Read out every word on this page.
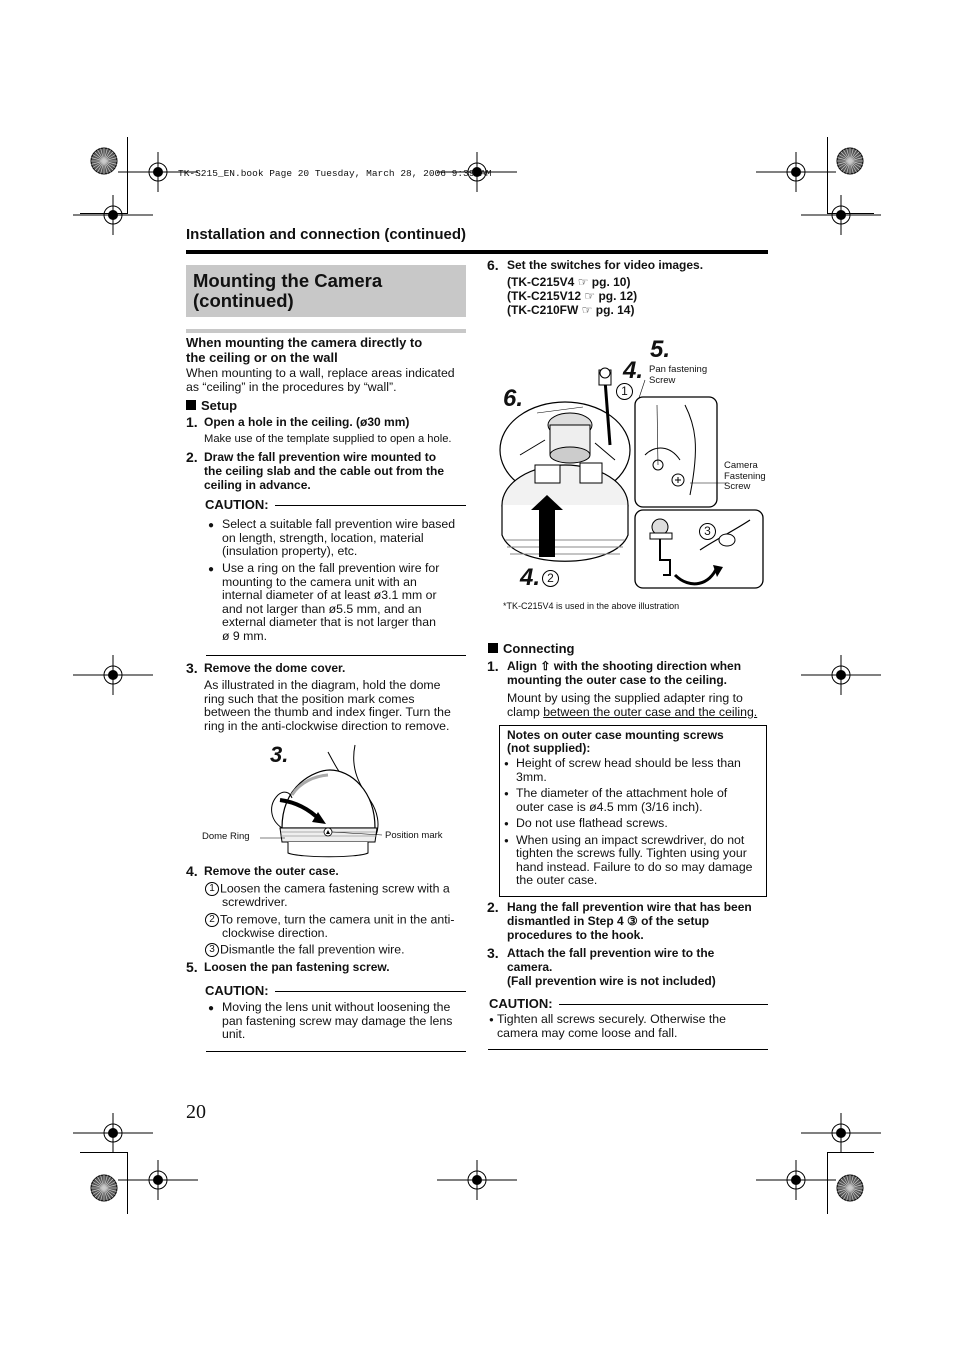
TK-S215_EN.book Page 20 Tuesday, March 28, 2006 9:39 AM
Installation and connection (continued)
Mounting the Camera
(continued)
When mounting the camera directly to
the ceiling or on the wall
When mounting to a wall, replace areas indicated
as “ceiling” in the procedures by “wall”.
Setup
1. Open a hole in the ceiling. (ø30 mm)
Make use of the template supplied to open a hole.
2. Draw the fall prevention wire mounted to
the ceiling slab and the cable out from the
ceiling in advance.
CAUTION:
● Select a suitable fall prevention wire based
on length, strength, location, material
(insulation property), etc.
● Use a ring on the fall prevention wire for
mounting to the camera unit with an
internal diameter of at least ø3.1 mm or
and not larger than ø5.5 mm, and an
external diameter that is not larger than
ø 9 mm.
3. Remove the dome cover.
As illustrated in the diagram, hold the dome
ring such that the position mark comes
between the thumb and index finger. Turn the
ring in the anti-clockwise direction to remove.
3.
Dome Ring	Position mark
4. Remove the outer case.
1 Loosen the camera fastening screw with a
screwdriver.
2 To remove, turn the camera unit in the anti-
clockwise direction.
3 Dismantle the fall prevention wire.
5. Loosen the pan fastening screw.
CAUTION:
● Moving the lens unit without loosening the
pan fastening screw may damage the lens
unit.
6. Set the switches for video images.
(TK-C215V4 ☞ pg. 10)
(TK-C215V12 ☞ pg. 12)
(TK-C210FW ☞ pg. 14)
5.
4.
1
6.
4. 2
3
Pan fastening
Screw
Camera
Fastening
Screw
*TK-C215V4 is used in the above illustration
Connecting
1. Align ⇧ with the shooting direction when
mounting the outer case to the ceiling.
Mount by using the supplied adapter ring to
clamp between the outer case and the ceiling.
Notes on outer case mounting screws
(not supplied):
● Height of screw head should be less than
3mm.
● The diameter of the attachment hole of
outer case is ø4.5 mm (3/16 inch).
● Do not use flathead screws.
● When using an impact screwdriver, do not
tighten the screws fully. Tighten using your
hand instead. Failure to do so may damage
the outer case.
2. Hang the fall prevention wire that has been
dismantled in Step 4 ③ of the setup
procedures to the hook.
3. Attach the fall prevention wire to the
camera.
(Fall prevention wire is not included)
CAUTION:
● Tighten all screws securely. Otherwise the
camera may come loose and fall.
20
